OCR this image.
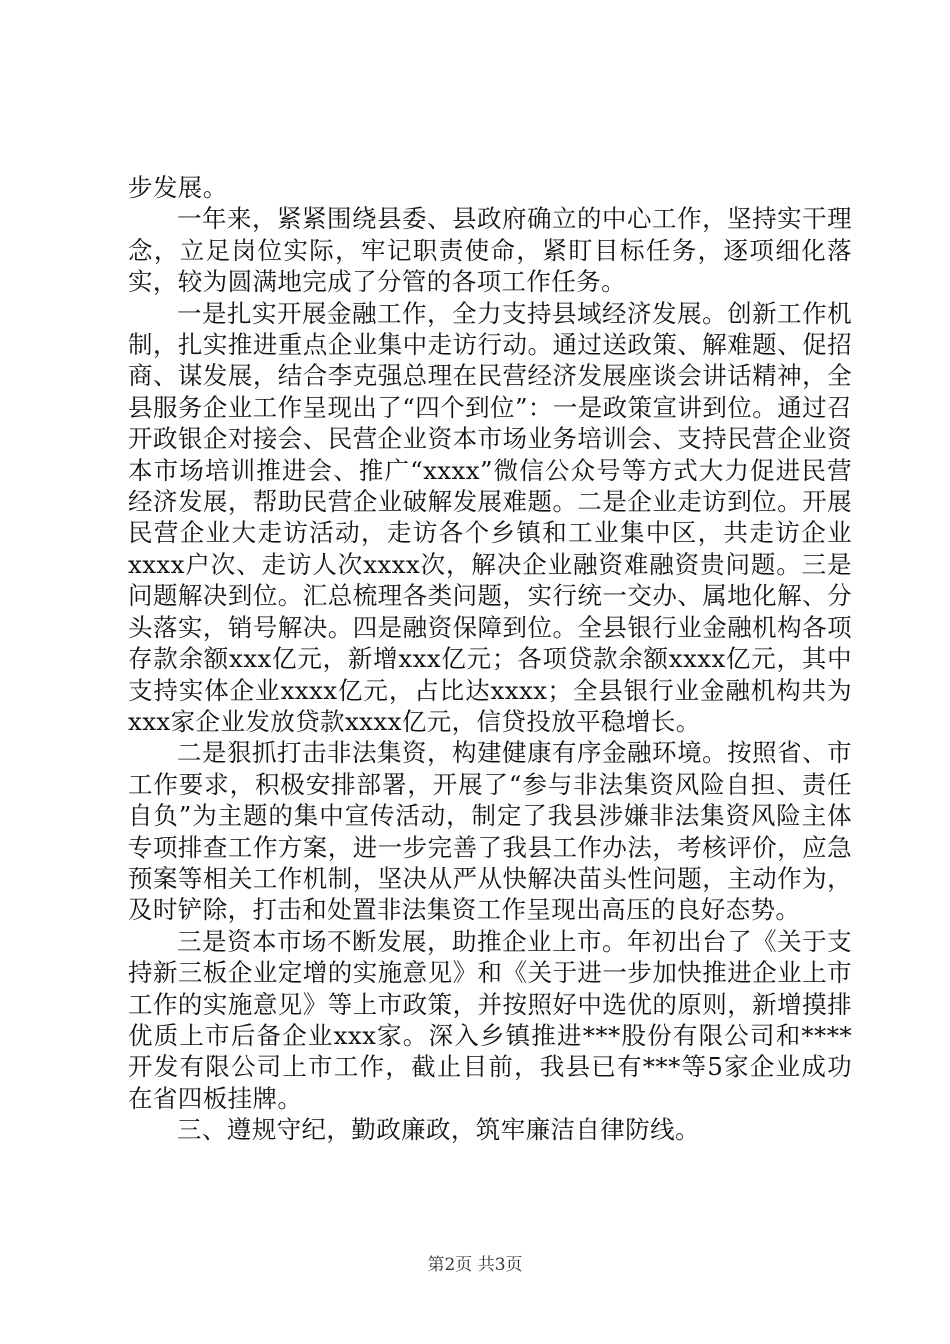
步发展。

一年来，紧紧围绕县委、县政府确立的中心工作，坚持实干理念，立足岗位实际，牢记职责使命，紧盯目标任务，逐项细化落实，较为圆满地完成了分管的各项工作任务。

一是扎实开展金融工作，全力支持县域经济发展。创新工作机制，扎实推进重点企业集中走访行动。通过送政策、解难题、促招商、谋发展，结合李克强总理在民营经济发展座谈会讲话精神，全县服务企业工作呈现出了“四个到位”：一是政策宣讲到位。通过召开政银企对接会、民营企业资本市场业务培训会、支持民营企业资本市场培训推进会、推广“xxxx”微信公众号等方式大力促进民营经济发展，帮助民营企业破解发展难题。二是企业走访到位。开展民营企业大走访活动，走访各个乡镇和工业集中区，共走访企业xxxx户次、走访人次xxxx次，解决企业融资难融资贵问题。三是问题解决到位。汇总梳理各类问题，实行统一交办、属地化解、分头落实，销号解决。四是融资保障到位。全县银行业金融机构各项存款余额xxx亿元，新增xxx亿元；各项贷款余额xxxx亿元，其中支持实体企业xxxx亿元，占比达xxxx；全县银行业金融机构共为xxx家企业发放贷款xxxx亿元，信贷投放平稳增长。

二是狠抓打击非法集资，构建健康有序金融环境。按照省、市工作要求，积极安排部署，开展了“参与非法集资风险自担、责任自负”为主题的集中宣传活动，制定了我县涉嫌非法集资风险主体专项排查工作方案，进一步完善了我县工作办法，考核评价，应急预案等相关工作机制，坚决从严从快解决苗头性问题，主动作为，及时铲除，打击和处置非法集资工作呈现出高压的良好态势。

三是资本市场不断发展，助推企业上市。年初出台了《关于支持新三板企业定增的实施意见》和《关于进一步加快推进企业上市工作的实施意见》等上市政策，并按照好中选优的原则，新增摸排优质上市后备企业xxx家。深入乡镇推进***股份有限公司和****开发有限公司上市工作，截止目前，我县已有***等5家企业成功在省四板挂牌。

三、遵规守纪，勤政廉政，筑牢廉洁自律防线。

第2页 共3页
